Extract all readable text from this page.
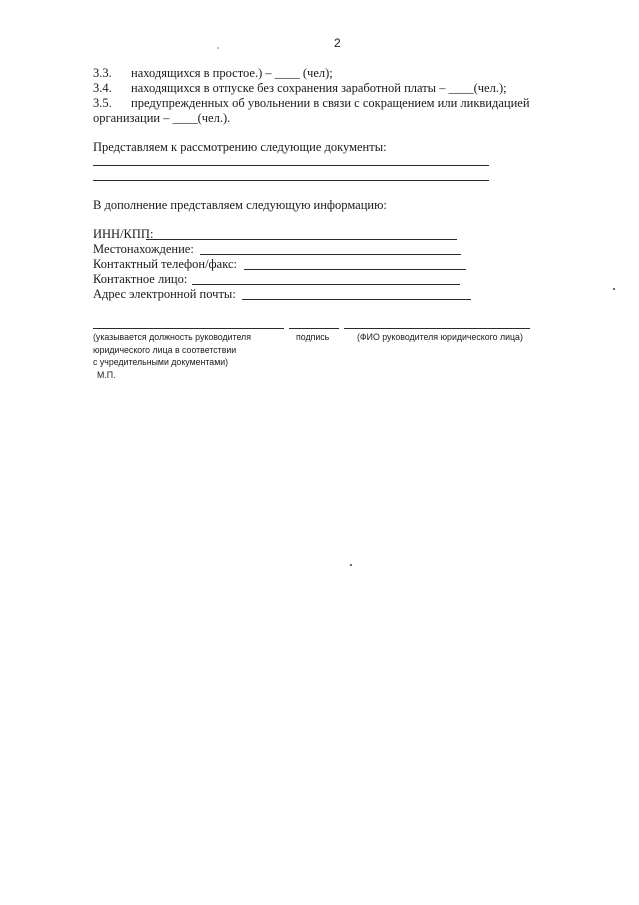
2
3.3. находящихся в простое.) – ____ (чел);
3.4. находящихся в отпуске без сохранения заработной платы – ____(чел.);
3.5. предупрежденных об увольнении в связи с сокращением или ликвидацией
организации – ____(чел.).
Представляем к рассмотрению следующие документы:
В дополнение представляем следующую информацию:
ИНН/КПП:
Местонахождение:
Контактный телефон/факс:
Контактное лицо:
Адрес электронной почты:
(указывается должность руководителя
юридического лица в соответствии
с учредительными документами)
подпись	(ФИО руководителя юридического лица)
М.П.
